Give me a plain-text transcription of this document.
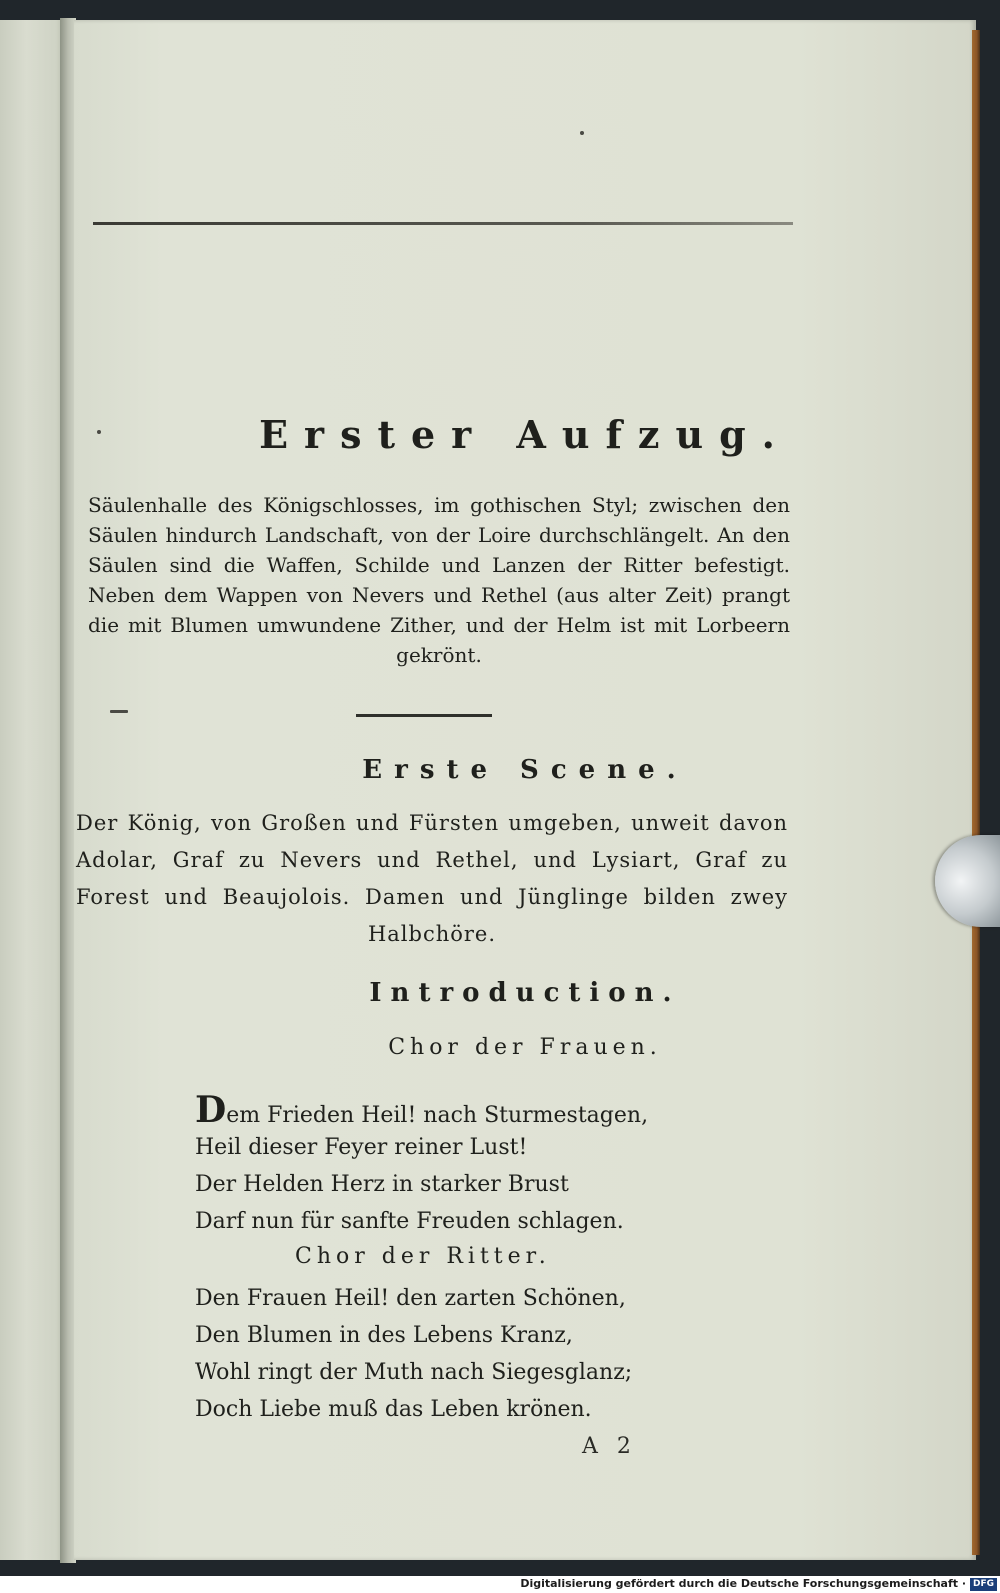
Erster Aufzug.
Säulenhalle des Königschlosses, im gothischen Styl; zwischen den Säulen hindurch Landschaft, von der Loire durchschlängelt. An den Säulen sind die Waffen, Schilde und Lanzen der Ritter befestigt. Neben dem Wappen von Nevers und Rethel (aus alter Zeit) prangt die mit Blumen umwundene Zither, und der Helm ist mit Lorbeern gekrönt.
Erste Scene.
Der König, von Großen und Fürsten umgeben, unweit davon Adolar, Graf zu Nevers und Rethel, und Lysiart, Graf zu Forest und Beaujolois. Damen und Jünglinge bilden zwey Halbchöre.
Introduction.
Chor der Frauen.
Dem Frieden Heil! nach Sturmestagen,
Heil dieser Feyer reiner Lust!
Der Helden Herz in starker Brust
Darf nun für sanfte Freuden schlagen.
Chor der Ritter.
Den Frauen Heil! den zarten Schönen,
Den Blumen in des Lebens Kranz,
Wohl ringt der Muth nach Siegesglanz;
Doch Liebe muß das Leben krönen.
A 2
Digitalisierung gefördert durch die Deutsche Forschungsgemeinschaft · DFG
